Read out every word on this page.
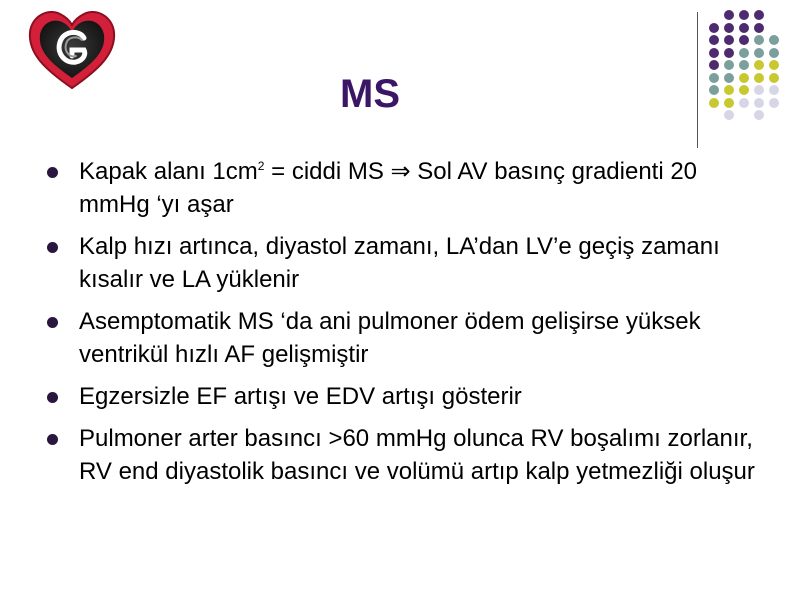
MS
Kapak alanı $1cm^2$ = ciddi MS ⇒ Sol AV basınç gradienti 20 mmHg ‘yı aşar
Kalp hızı artınca, diyastol zamanı, LA’dan LV’e geçiş zamanı kısalır ve LA yüklenir
Asemptomatik MS ‘da ani pulmoner ödem gelişirse yüksek ventrikül hızlı AF gelişmiştir
Egzersizle EF artışı ve EDV artışı gösterir
Pulmoner arter basıncı >60 mmHg olunca RV boşalımı zorlanır, RV end diyastolik basıncı ve volümü artıp kalp yetmezliği oluşur
